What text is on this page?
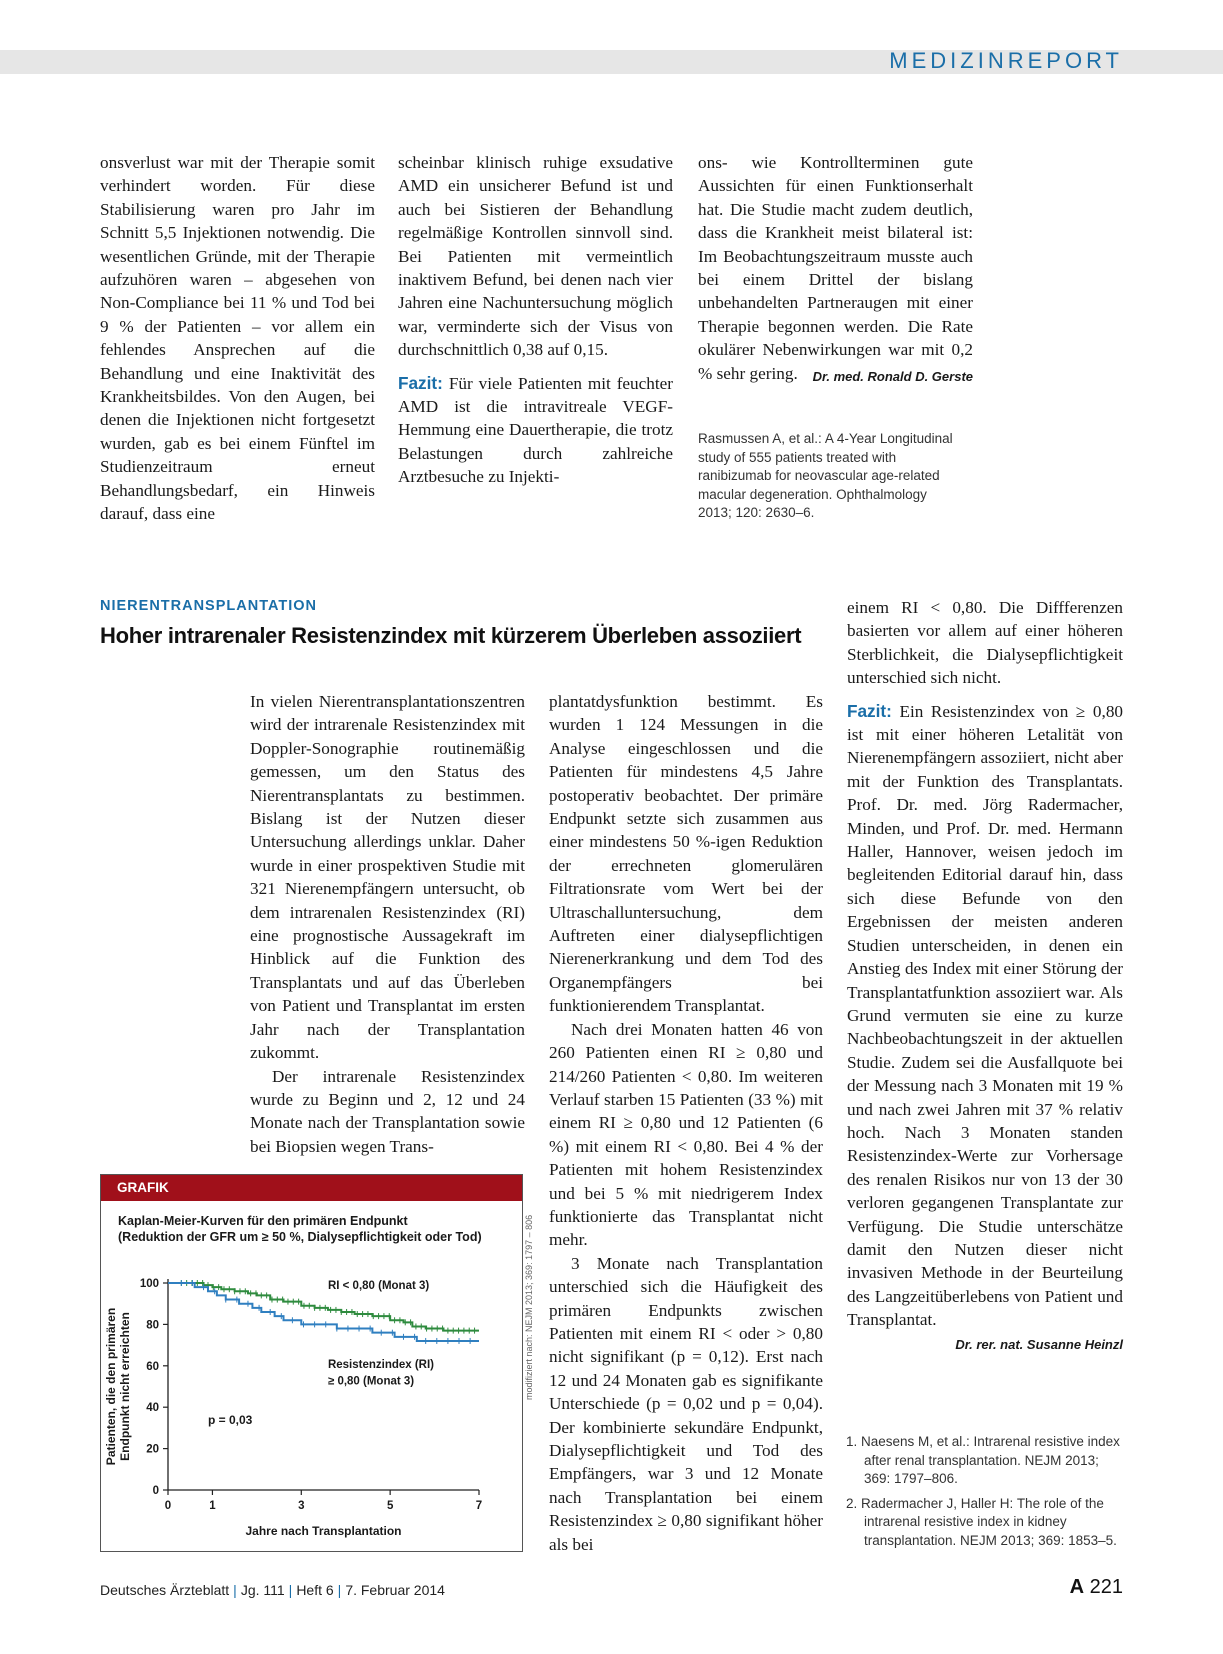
MEDIZINREPORT

onsverlust war mit der Therapie somit verhindert worden. Für diese Stabilisierung waren pro Jahr im Schnitt 5,5 Injektionen notwendig. Die wesentlichen Gründe, mit der Therapie aufzuhören waren – abgesehen von Non-Compliance bei 11 % und Tod bei 9 % der Patienten – vor allem ein fehlendes Ansprechen auf die Behandlung und eine Inaktivität des Krankheitsbildes. Von den Augen, bei denen die Injektionen nicht fortgesetzt wurden, gab es bei einem Fünftel im Studienzeitraum erneut Behandlungsbedarf, ein Hinweis darauf, dass eine

scheinbar klinisch ruhige exsudative AMD ein unsicherer Befund ist und auch bei Sistieren der Behandlung regelmäßige Kontrollen sinnvoll sind. Bei Patienten mit vermeintlich inaktivem Befund, bei denen nach vier Jahren eine Nachuntersuchung möglich war, verminderte sich der Visus von durchschnittlich 0,38 auf 0,15.

Fazit: Für viele Patienten mit feuchter AMD ist die intravitreale VEGF-Hemmung eine Dauertherapie, die trotz Belastungen durch zahlreiche Arztbesuche zu Injekti-

ons- wie Kontrollterminen gute Aussichten für einen Funktionserhalt hat. Die Studie macht zudem deutlich, dass die Krankheit meist bilateral ist: Im Beobachtungszeitraum musste auch bei einem Drittel der bislang unbehandelten Partneraugen mit einer Therapie begonnen werden. Die Rate okulärer Nebenwirkungen war mit 0,2 % sehr gering. Dr. med. Ronald D. Gerste

Rasmussen A, et al.: A 4-Year Longitudinal study of 555 patients treated with ranibizumab for neovascular age-related macular degeneration. Ophthalmology 2013; 120: 2630–6.
NIERENTRANSPLANTATION
Hoher intrarenaler Resistenzindex mit kürzerem Überleben assoziiert

In vielen Nierentransplantationszentren wird der intrarenale Resistenzindex mit Doppler-Sonographie routinemäßig gemessen, um den Status des Nierentransplantats zu bestimmen. Bislang ist der Nutzen dieser Untersuchung allerdings unklar. Daher wurde in einer prospektiven Studie mit 321 Nierenempfängern untersucht, ob dem intrarenalen Resistenzindex (RI) eine prognostische Aussagekraft im Hinblick auf die Funktion des Transplantats und auf das Überleben von Patient und Transplantat im ersten Jahr nach der Transplantation zukommt.

Der intrarenale Resistenzindex wurde zu Beginn und 2, 12 und 24 Monate nach der Transplantation sowie bei Biopsien wegen Trans-

plantatdysfunktion bestimmt. Es wurden 1 124 Messungen in die Analyse eingeschlossen und die Patienten für mindestens 4,5 Jahre postoperativ beobachtet. Der primäre Endpunkt setzte sich zusammen aus einer mindestens 50 %-igen Reduktion der errechneten glomerulären Filtrationsrate vom Wert bei der Ultraschalluntersuchung, dem Auftreten einer dialysepflichtigen Nierenerkrankung und dem Tod des Organempfängers bei funktionierendem Transplantat.

Nach drei Monaten hatten 46 von 260 Patienten einen RI ≥ 0,80 und 214/260 Patienten < 0,80. Im weiteren Verlauf starben 15 Patienten (33 %) mit einem RI ≥ 0,80 und 12 Patienten (6 %) mit einem RI < 0,80. Bei 4 % der Patienten mit hohem Resistenzindex und bei 5 % mit niedrigerem Index funktionierte das Transplantat nicht mehr.

3 Monate nach Transplantation unterschied sich die Häufigkeit des primären Endpunkts zwischen Patienten mit einem RI < oder > 0,80 nicht signifikant (p = 0,12). Erst nach 12 und 24 Monaten gab es signifikante Unterschiede (p = 0,02 und p = 0,04). Der kombinierte sekundäre Endpunkt, Dialysepflichtigkeit und Tod des Empfängers, war 3 und 12 Monate nach Transplantation bei einem Resistenzindex ≥ 0,80 signifikant höher als bei

einem RI < 0,80. Die Diffferenzen basierten vor allem auf einer höheren Sterblichkeit, die Dialysepflichtigkeit unterschied sich nicht.

Fazit: Ein Resistenzindex von ≥ 0,80 ist mit einer höheren Letalität von Nierenempfängern assoziiert, nicht aber mit der Funktion des Transplantats. Prof. Dr. med. Jörg Radermacher, Minden, und Prof. Dr. med. Hermann Haller, Hannover, weisen jedoch im begleitenden Editorial darauf hin, dass sich diese Befunde von den Ergebnissen der meisten anderen Studien unterscheiden, in denen ein Anstieg des Index mit einer Störung der Transplantatfunktion assoziiert war. Als Grund vermuten sie eine zu kurze Nachbeobachtungszeit in der aktuellen Studie. Zudem sei die Ausfallquote bei der Messung nach 3 Monaten mit 19 % und nach zwei Jahren mit 37 % relativ hoch. Nach 3 Monaten standen Resistenzindex-Werte zur Vorhersage des renalen Risikos nur von 13 der 30 verloren gegangenen Transplantate zur Verfügung. Die Studie unterschätze damit den Nutzen dieser nicht invasiven Methode in der Beurteilung des Langzeitüberlebens von Patient und Transplantat.

Dr. rer. nat. Susanne Heinzl

1. Naesens M, et al.: Intrarenal resistive index after renal transplantation. NEJM 2013; 369: 1797–806.
2. Radermacher J, Haller H: The role of the intrarenal resistive index in kidney transplantation. NEJM 2013; 369: 1853–5.
GRAFIK
Kaplan-Meier-Kurven für den primären Endpunkt
(Reduktion der GFR um ≥ 50 %, Dialysepflichtigkeit oder Tod)
0
20
40
60
80
100
0	1	3	5	7
Jahre nach Transplantation
Patienten, die den primären Endpunkt nicht erreichten
RI < 0,80 (Monat 3)
Resistenzindex (RI)
≥ 0,80 (Monat 3)
p = 0,03
modifiziert nach: NEJM 2013; 369: 1797 – 806
Deutsches Ärzteblatt | Jg. 111 | Heft 6 | 7. Februar 2014	A 221
